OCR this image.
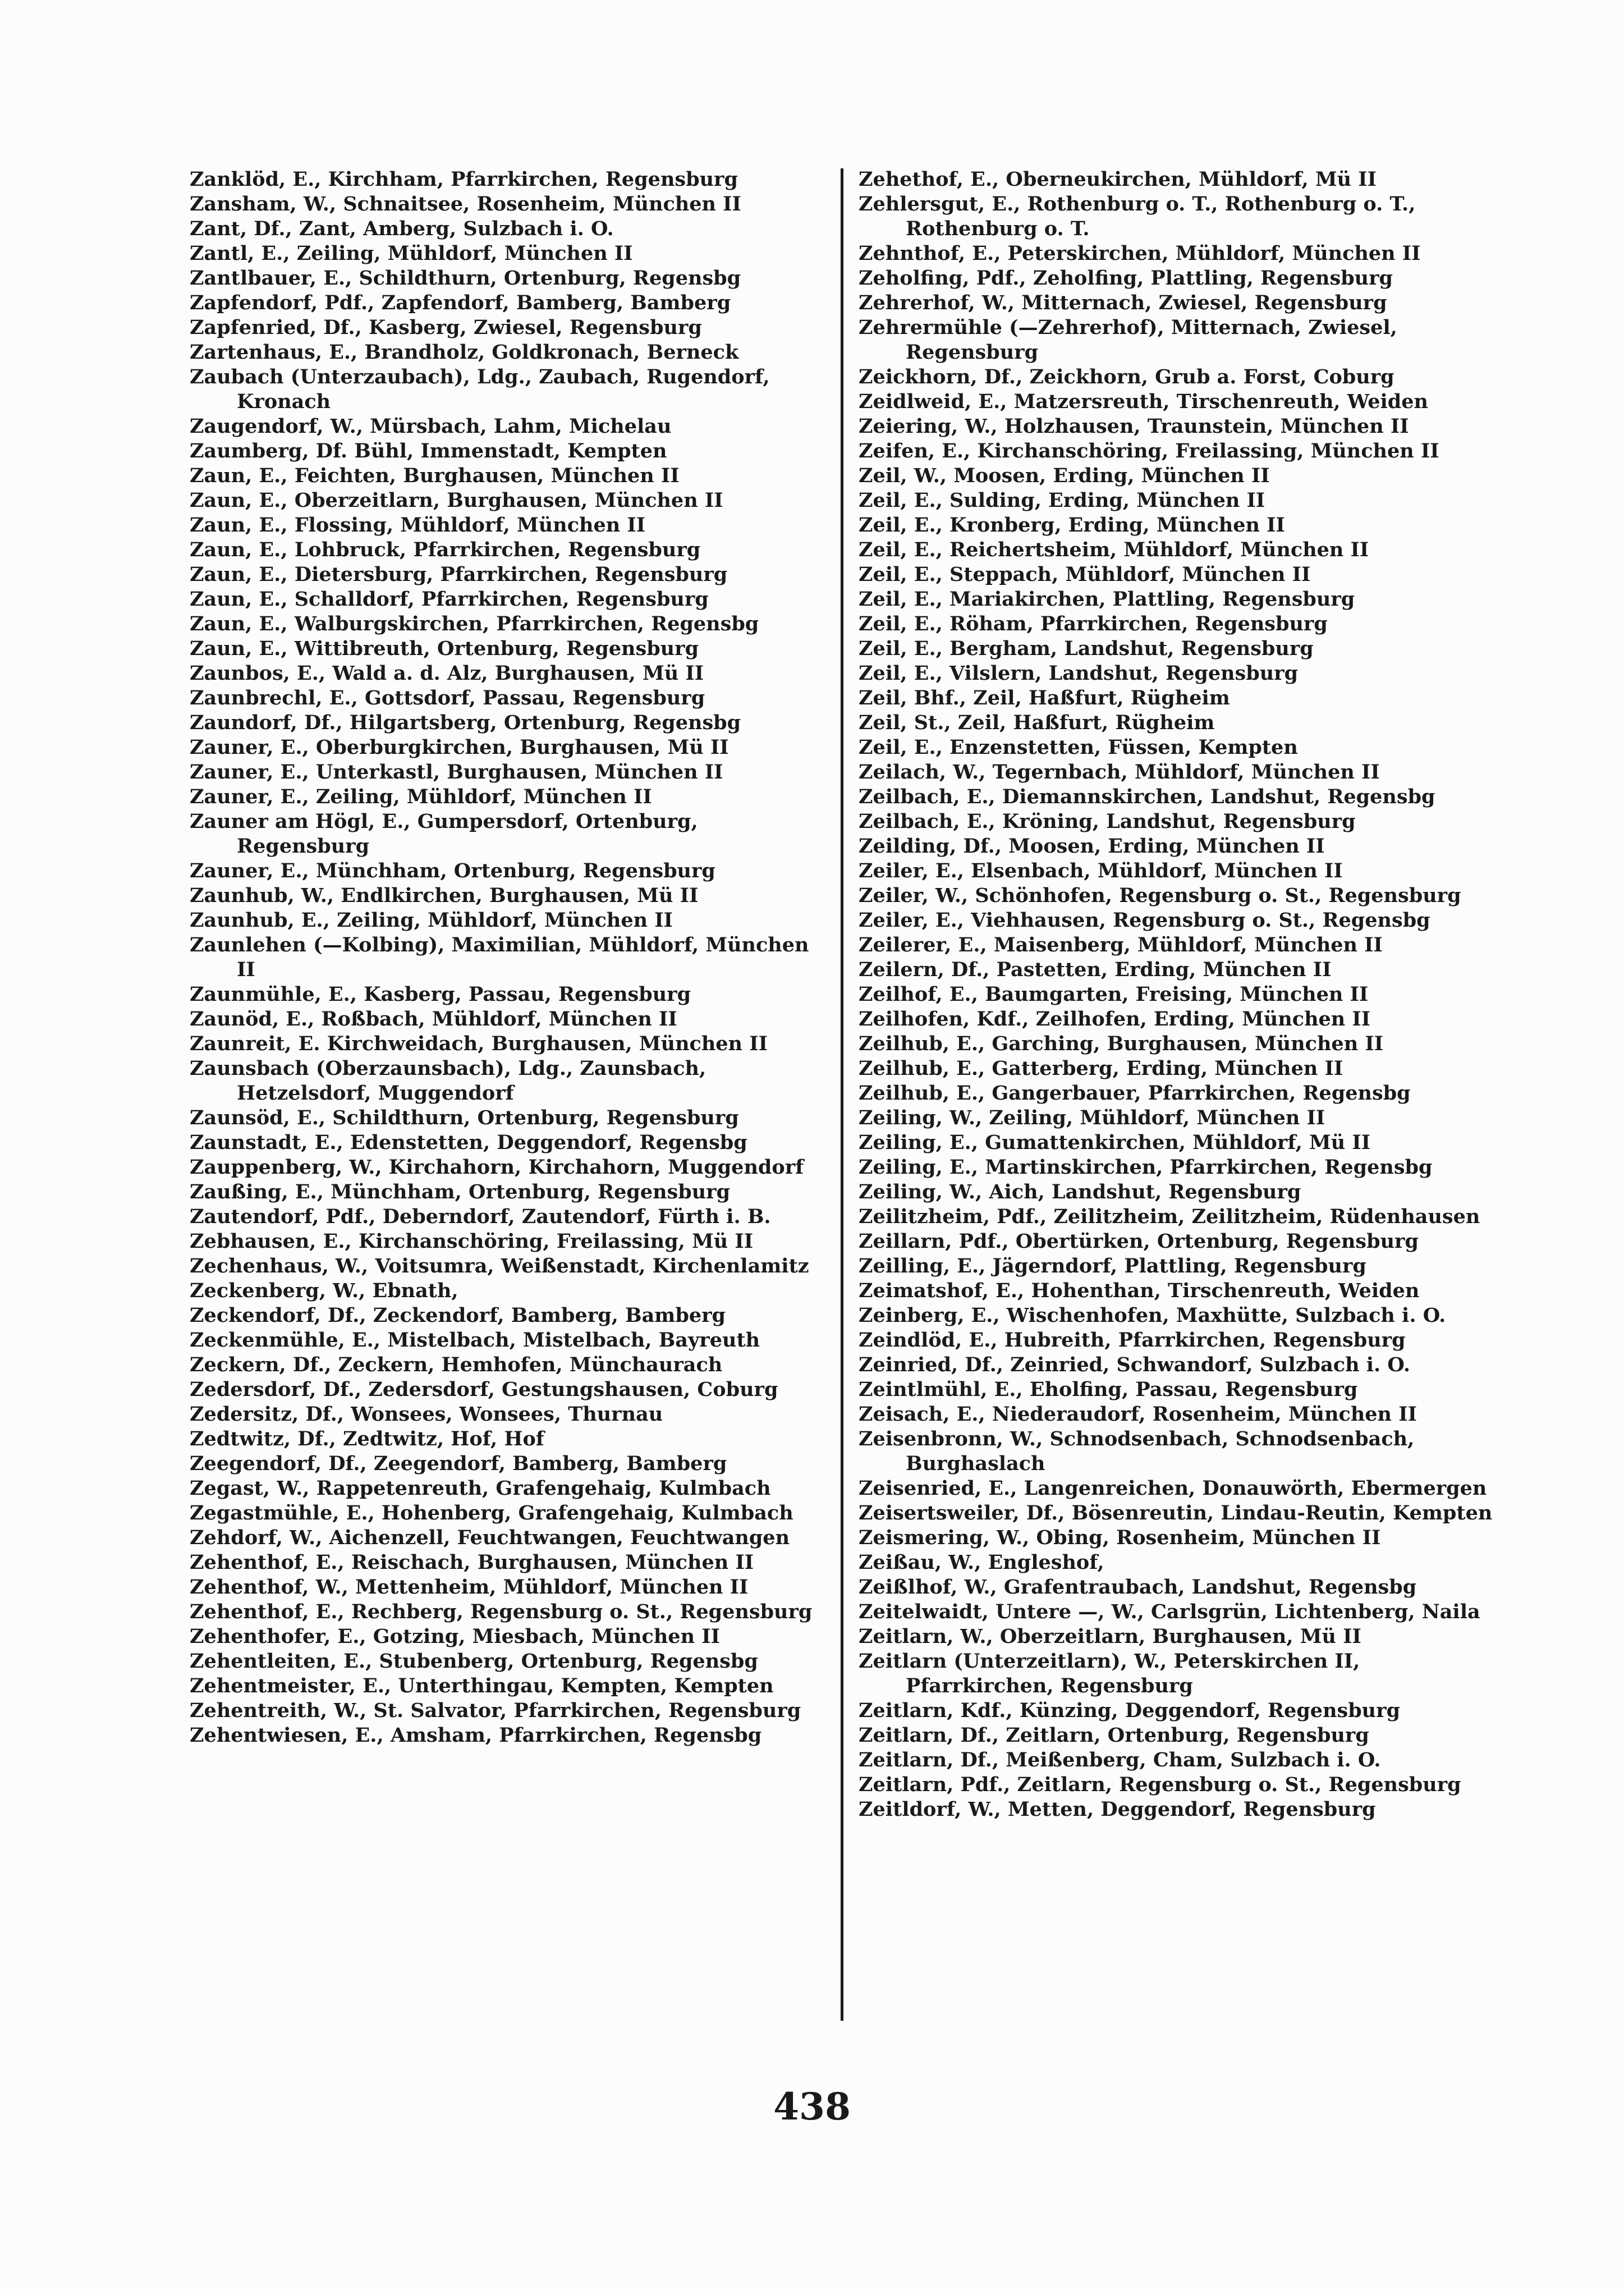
Zanklöd, E., Kirchham, Pfarrkirchen, Regensburg
Zansham, W., Schnaitsee, Rosenheim, München II
Zant, Df., Zant, Amberg, Sulzbach i. O.
Zantl, E., Zeiling, Mühldorf, München II
Zantlbauer, E., Schildthurn, Ortenburg, Regensbg
Zapfendorf, Pdf., Zapfendorf, Bamberg, Bamberg
Zapfenried, Df., Kasberg, Zwiesel, Regensburg
Zartenhaus, E., Brandholz, Goldkronach, Berneck
Zaubach (Unterzaubach), Ldg., Zaubach, Rugendorf, Kronach
Zaugendorf, W., Mürsbach, Lahm, Michelau
Zaumberg, Df. Bühl, Immenstadt, Kempten
Zaun, E., Feichten, Burghausen, München II
Zaun, E., Oberzeitlarn, Burghausen, München II
Zaun, E., Flossing, Mühldorf, München II
Zaun, E., Lohbruck, Pfarrkirchen, Regensburg
Zaun, E., Dietersburg, Pfarrkirchen, Regensburg
Zaun, E., Schalldorf, Pfarrkirchen, Regensburg
Zaun, E., Walburgskirchen, Pfarrkirchen, Regensbg
Zaun, E., Wittibreuth, Ortenburg, Regensburg
Zaunbos, E., Wald a. d. Alz, Burghausen, Mü II
Zaunbrechl, E., Gottsdorf, Passau, Regensburg
Zaundorf, Df., Hilgartsberg, Ortenburg, Regensbg
Zauner, E., Oberburgkirchen, Burghausen, Mü II
Zauner, E., Unterkastl, Burghausen, München II
Zauner, E., Zeiling, Mühldorf, München II
Zauner am Högl, E., Gumpersdorf, Ortenburg, Regensburg
Zauner, E., Münchham, Ortenburg, Regensburg
Zaunhub, W., Endlkirchen, Burghausen, Mü II
Zaunhub, E., Zeiling, Mühldorf, München II
Zaunlehen (—Kolbing), Maximilian, Mühldorf, München II
Zaunmühle, E., Kasberg, Passau, Regensburg
Zaunöd, E., Roßbach, Mühldorf, München II
Zaunreit, E. Kirchweidach, Burghausen, München II
Zaunsbach (Oberzaunsbach), Ldg., Zaunsbach, Hetzelsdorf, Muggendorf
Zaunsöd, E., Schildthurn, Ortenburg, Regensburg
Zaunstadt, E., Edenstetten, Deggendorf, Regensbg
Zauppenberg, W., Kirchahorn, Kirchahorn, Muggendorf
Zaußing, E., Münchham, Ortenburg, Regensburg
Zautendorf, Pdf., Deberndorf, Zautendorf, Fürth i. B.
Zebhausen, E., Kirchanschöring, Freilassing, Mü II
Zechenhaus, W., Voitsumra, Weißenstadt, Kirchenlamitz
Zeckenberg, W., Ebnath,
Zeckendorf, Df., Zeckendorf, Bamberg, Bamberg
Zeckenmühle, E., Mistelbach, Mistelbach, Bayreuth
Zeckern, Df., Zeckern, Hemhofen, Münchaurach
Zedersdorf, Df., Zedersdorf, Gestungshausen, Coburg
Zedersitz, Df., Wonsees, Wonsees, Thurnau
Zedtwitz, Df., Zedtwitz, Hof, Hof
Zeegendorf, Df., Zeegendorf, Bamberg, Bamberg
Zegast, W., Rappetenreuth, Grafengehaig, Kulmbach
Zegastmühle, E., Hohenberg, Grafengehaig, Kulmbach
Zehdorf, W., Aichenzell, Feuchtwangen, Feuchtwangen
Zehenthof, E., Reischach, Burghausen, München II
Zehenthof, W., Mettenheim, Mühldorf, München II
Zehenthof, E., Rechberg, Regensburg o. St., Regensburg
Zehenthofer, E., Gotzing, Miesbach, München II
Zehentleiten, E., Stubenberg, Ortenburg, Regensbg
Zehentmeister, E., Unterthingau, Kempten, Kempten
Zehentreith, W., St. Salvator, Pfarrkirchen, Regensburg
Zehentwiesen, E., Amsham, Pfarrkirchen, Regensbg
Zehethof, E., Oberneukirchen, Mühldorf, Mü II
Zehlersgut, E., Rothenburg o. T., Rothenburg o. T., Rothenburg o. T.
Zehnthof, E., Peterskirchen, Mühldorf, München II
Zeholfing, Pdf., Zeholfing, Plattling, Regensburg
Zehrerhof, W., Mitternach, Zwiesel, Regensburg
Zehrermühle (—Zehrerhof), Mitternach, Zwiesel, Regensburg
Zeickhorn, Df., Zeickhorn, Grub a. Forst, Coburg
Zeidlweid, E., Matzersreuth, Tirschenreuth, Weiden
Zeiering, W., Holzhausen, Traunstein, München II
Zeifen, E., Kirchanschöring, Freilassing, München II
Zeil, W., Moosen, Erding, München II
Zeil, E., Sulding, Erding, München II
Zeil, E., Kronberg, Erding, München II
Zeil, E., Reichertsheim, Mühldorf, München II
Zeil, E., Steppach, Mühldorf, München II
Zeil, E., Mariakirchen, Plattling, Regensburg
Zeil, E., Röham, Pfarrkirchen, Regensburg
Zeil, E., Bergham, Landshut, Regensburg
Zeil, E., Vilslern, Landshut, Regensburg
Zeil, Bhf., Zeil, Haßfurt, Rügheim
Zeil, St., Zeil, Haßfurt, Rügheim
Zeil, E., Enzenstetten, Füssen, Kempten
Zeilach, W., Tegernbach, Mühldorf, München II
Zeilbach, E., Diemannskirchen, Landshut, Regensbg
Zeilbach, E., Kröning, Landshut, Regensburg
Zeilding, Df., Moosen, Erding, München II
Zeiler, E., Elsenbach, Mühldorf, München II
Zeiler, W., Schönhofen, Regensburg o. St., Regensburg
Zeiler, E., Viehhausen, Regensburg o. St., Regensbg
Zeilerer, E., Maisenberg, Mühldorf, München II
Zeilern, Df., Pastetten, Erding, München II
Zeilhof, E., Baumgarten, Freising, München II
Zeilhofen, Kdf., Zeilhofen, Erding, München II
Zeilhub, E., Garching, Burghausen, München II
Zeilhub, E., Gatterberg, Erding, München II
Zeilhub, E., Gangerbauer, Pfarrkirchen, Regensbg
Zeiling, W., Zeiling, Mühldorf, München II
Zeiling, E., Gumattenkirchen, Mühldorf, Mü II
Zeiling, E., Martinskirchen, Pfarrkirchen, Regensbg
Zeiling, W., Aich, Landshut, Regensburg
Zeilitzheim, Pdf., Zeilitzheim, Zeilitzheim, Rüdenhausen
Zeillarn, Pdf., Obertürken, Ortenburg, Regensburg
Zeilling, E., Jägerndorf, Plattling, Regensburg
Zeimatshof, E., Hohenthan, Tirschenreuth, Weiden
Zeinberg, E., Wischenhofen, Maxhütte, Sulzbach i. O.
Zeindlöd, E., Hubreith, Pfarrkirchen, Regensburg
Zeinried, Df., Zeinried, Schwandorf, Sulzbach i. O.
Zeintlmühl, E., Eholfing, Passau, Regensburg
Zeisach, E., Niederaudorf, Rosenheim, München II
Zeisenbronn, W., Schnodsenbach, Schnodsenbach, Burghaslach
Zeisenried, E., Langenreichen, Donauwörth, Ebermergen
Zeisertsweiler, Df., Bösenreutin, Lindau-Reutin, Kempten
Zeismering, W., Obing, Rosenheim, München II
Zeißau, W., Engleshof,
Zeißlhof, W., Grafentraubach, Landshut, Regensbg
Zeitelwaidt, Untere —, W., Carlsgrün, Lichtenberg, Naila
Zeitlarn, W., Oberzeitlarn, Burghausen, Mü II
Zeitlarn (Unterzeitlarn), W., Peterskirchen II, Pfarrkirchen, Regensburg
Zeitlarn, Kdf., Künzing, Deggendorf, Regensburg
Zeitlarn, Df., Zeitlarn, Ortenburg, Regensburg
Zeitlarn, Df., Meißenberg, Cham, Sulzbach i. O.
Zeitlarn, Pdf., Zeitlarn, Regensburg o. St., Regensburg
Zeitldorf, W., Metten, Deggendorf, Regensburg
438
